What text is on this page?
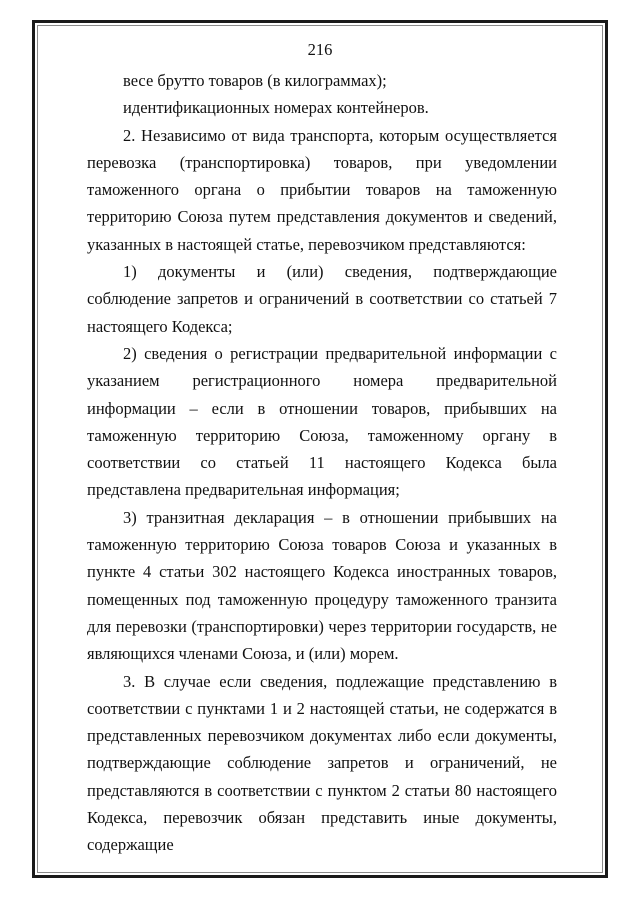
216

весе брутто товаров (в килограммах);

идентификационных номерах контейнеров.

2. Независимо от вида транспорта, которым осуществляется перевозка (транспортировка) товаров, при уведомлении таможенного органа о прибытии товаров на таможенную территорию Союза путем представления документов и сведений, указанных в настоящей статье, перевозчиком представляются:

1) документы и (или) сведения, подтверждающие соблюдение запретов и ограничений в соответствии со статьей 7 настоящего Кодекса;

2) сведения о регистрации предварительной информации с указанием регистрационного номера предварительной информации – если в отношении товаров, прибывших на таможенную территорию Союза, таможенному органу в соответствии со статьей 11 настоящего Кодекса была представлена предварительная информация;

3) транзитная декларация – в отношении прибывших на таможенную территорию Союза товаров Союза и указанных в пункте 4 статьи 302 настоящего Кодекса иностранных товаров, помещенных под таможенную процедуру таможенного транзита для перевозки (транспортировки) через территории государств, не являющихся членами Союза, и (или) морем.

3. В случае если сведения, подлежащие представлению в соответствии с пунктами 1 и 2 настоящей статьи, не содержатся в представленных перевозчиком документах либо если документы, подтверждающие соблюдение запретов и ограничений, не представляются в соответствии с пунктом 2 статьи 80 настоящего Кодекса, перевозчик обязан представить иные документы, содержащие
